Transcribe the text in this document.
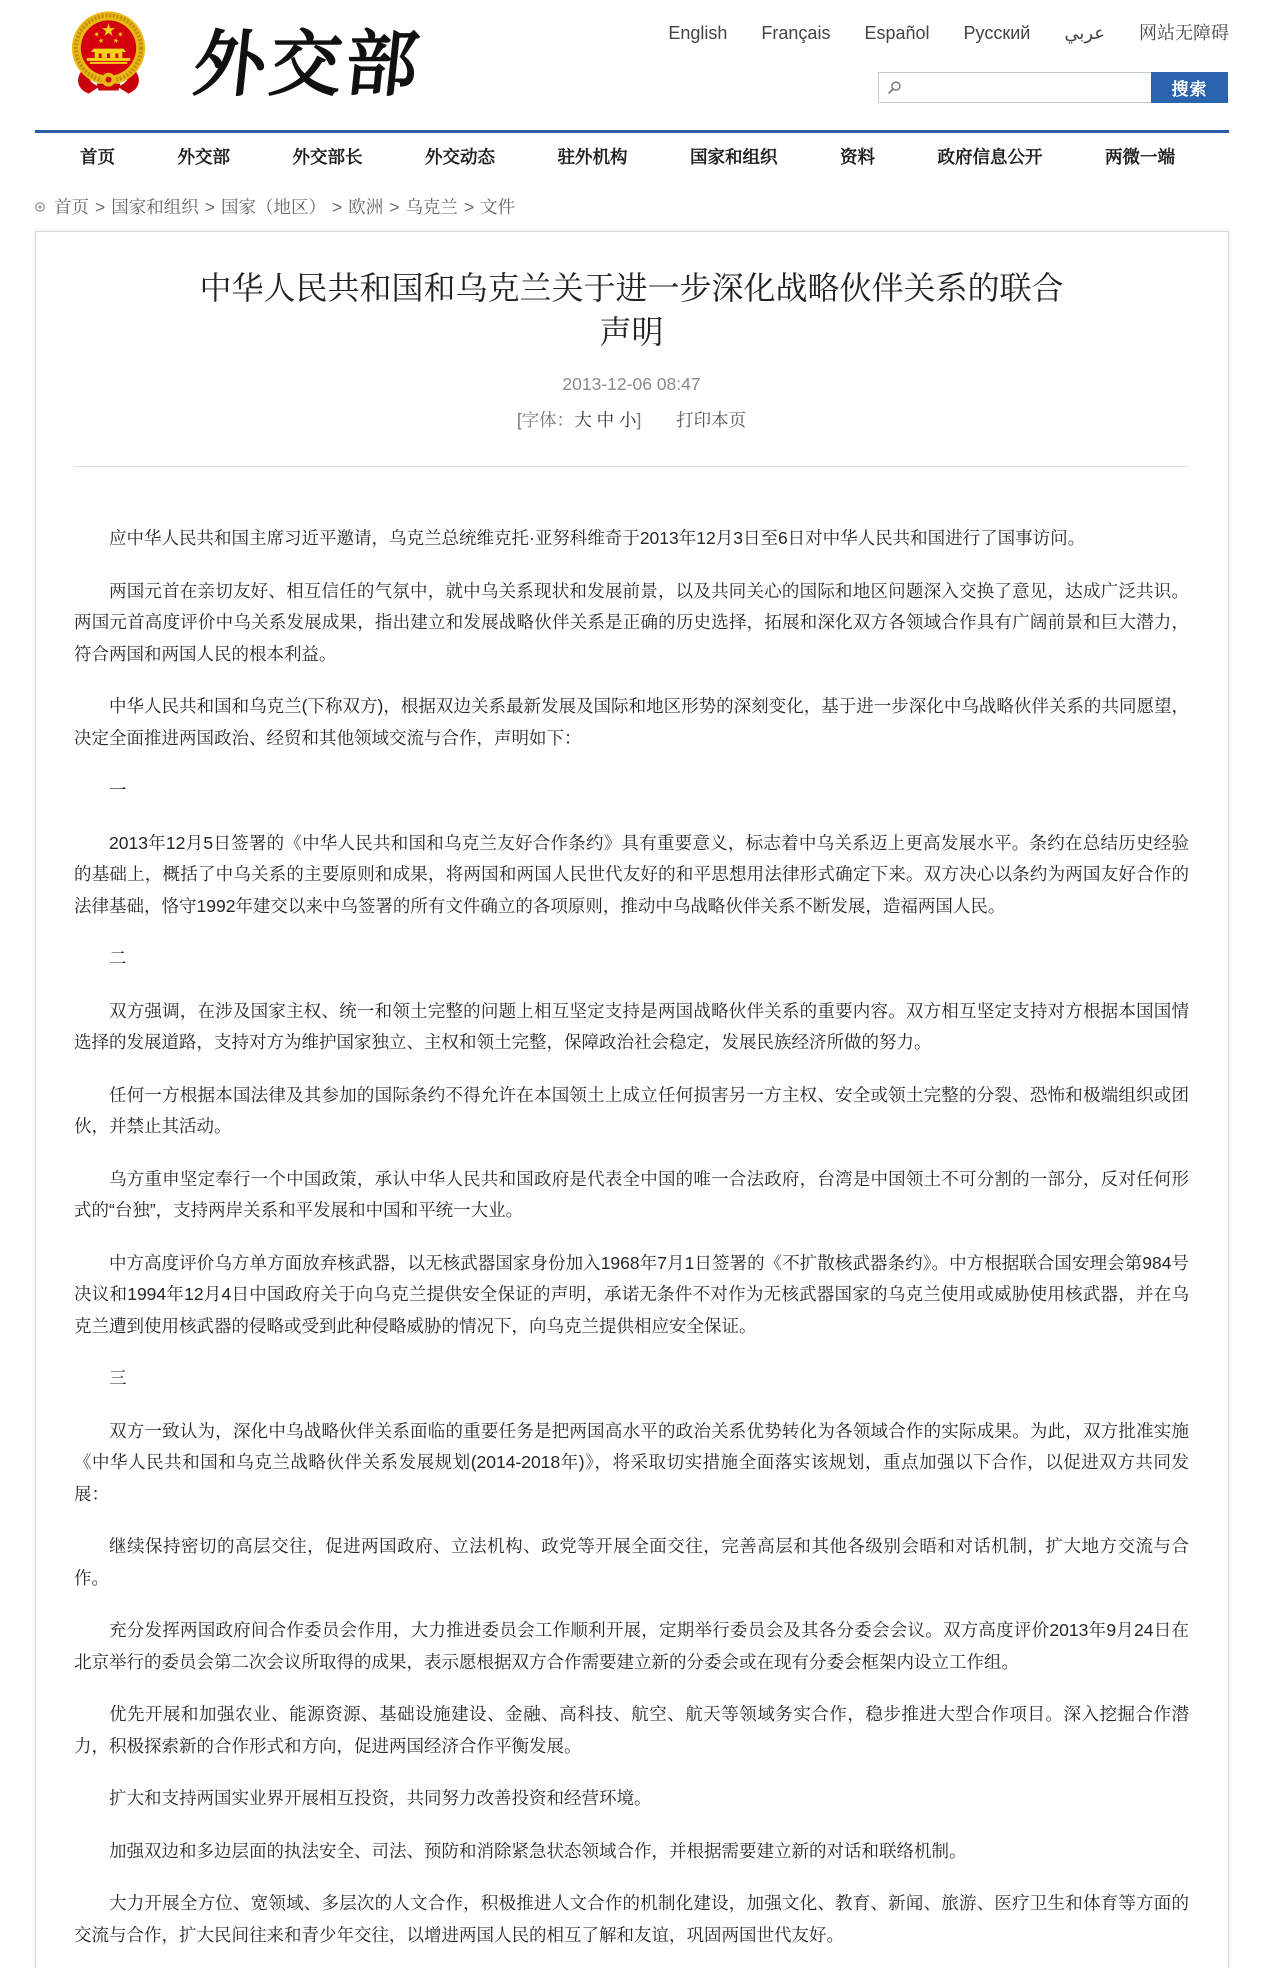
外交部	English Français Español Русский عربي 网站无障碍
搜索
首页	外交部	外交部长	外交动态	驻外机构	国家和组织	资料	政府信息公开	两微一端
首页 > 国家和组织 > 国家（地区） > 欧洲 > 乌克兰 > 文件
中华人民共和国和乌克兰关于进一步深化战略伙伴关系的联合声明
2013-12-06 08:47
[字体：大 中 小] 打印本页

应中华人民共和国主席习近平邀请，乌克兰总统维克托·亚努科维奇于2013年12月3日至6日对中华人民共和国进行了国事访问。

两国元首在亲切友好、相互信任的气氛中，就中乌关系现状和发展前景，以及共同关心的国际和地区问题深入交换了意见，达成广泛共识。两国元首高度评价中乌关系发展成果，指出建立和发展战略伙伴关系是正确的历史选择，拓展和深化双方各领域合作具有广阔前景和巨大潜力，符合两国和两国人民的根本利益。

中华人民共和国和乌克兰(下称双方)，根据双边关系最新发展及国际和地区形势的深刻变化，基于进一步深化中乌战略伙伴关系的共同愿望，决定全面推进两国政治、经贸和其他领域交流与合作，声明如下：

一

2013年12月5日签署的《中华人民共和国和乌克兰友好合作条约》具有重要意义，标志着中乌关系迈上更高发展水平。条约在总结历史经验的基础上，概括了中乌关系的主要原则和成果，将两国和两国人民世代友好的和平思想用法律形式确定下来。双方决心以条约为两国友好合作的法律基础，恪守1992年建交以来中乌签署的所有文件确立的各项原则，推动中乌战略伙伴关系不断发展，造福两国人民。

二

双方强调，在涉及国家主权、统一和领土完整的问题上相互坚定支持是两国战略伙伴关系的重要内容。双方相互坚定支持对方根据本国国情选择的发展道路，支持对方为维护国家独立、主权和领土完整，保障政治社会稳定，发展民族经济所做的努力。

任何一方根据本国法律及其参加的国际条约不得允许在本国领土上成立任何损害另一方主权、安全或领土完整的分裂、恐怖和极端组织或团伙，并禁止其活动。

乌方重申坚定奉行一个中国政策，承认中华人民共和国政府是代表全中国的唯一合法政府，台湾是中国领土不可分割的一部分，反对任何形式的“台独”，支持两岸关系和平发展和中国和平统一大业。

中方高度评价乌方单方面放弃核武器，以无核武器国家身份加入1968年7月1日签署的《不扩散核武器条约》。中方根据联合国安理会第984号决议和1994年12月4日中国政府关于向乌克兰提供安全保证的声明，承诺无条件不对作为无核武器国家的乌克兰使用或威胁使用核武器，并在乌克兰遭到使用核武器的侵略或受到此种侵略威胁的情况下，向乌克兰提供相应安全保证。

三

双方一致认为，深化中乌战略伙伴关系面临的重要任务是把两国高水平的政治关系优势转化为各领域合作的实际成果。为此，双方批准实施《中华人民共和国和乌克兰战略伙伴关系发展规划(2014-2018年)》，将采取切实措施全面落实该规划，重点加强以下合作，以促进双方共同发展：

继续保持密切的高层交往，促进两国政府、立法机构、政党等开展全面交往，完善高层和其他各级别会晤和对话机制，扩大地方交流与合作。

充分发挥两国政府间合作委员会作用，大力推进委员会工作顺利开展，定期举行委员会及其各分委会会议。双方高度评价2013年9月24日在北京举行的委员会第二次会议所取得的成果，表示愿根据双方合作需要建立新的分委会或在现有分委会框架内设立工作组。

优先开展和加强农业、能源资源、基础设施建设、金融、高科技、航空、航天等领域务实合作，稳步推进大型合作项目。深入挖掘合作潜力，积极探索新的合作形式和方向，促进两国经济合作平衡发展。

扩大和支持两国实业界开展相互投资，共同努力改善投资和经营环境。

加强双边和多边层面的执法安全、司法、预防和消除紧急状态领域合作，并根据需要建立新的对话和联络机制。

大力开展全方位、宽领域、多层次的人文合作，积极推进人文合作的机制化建设，加强文化、教育、新闻、旅游、医疗卫生和体育等方面的交流与合作，扩大民间往来和青少年交往，以增进两国人民的相互了解和友谊，巩固两国世代友好。
